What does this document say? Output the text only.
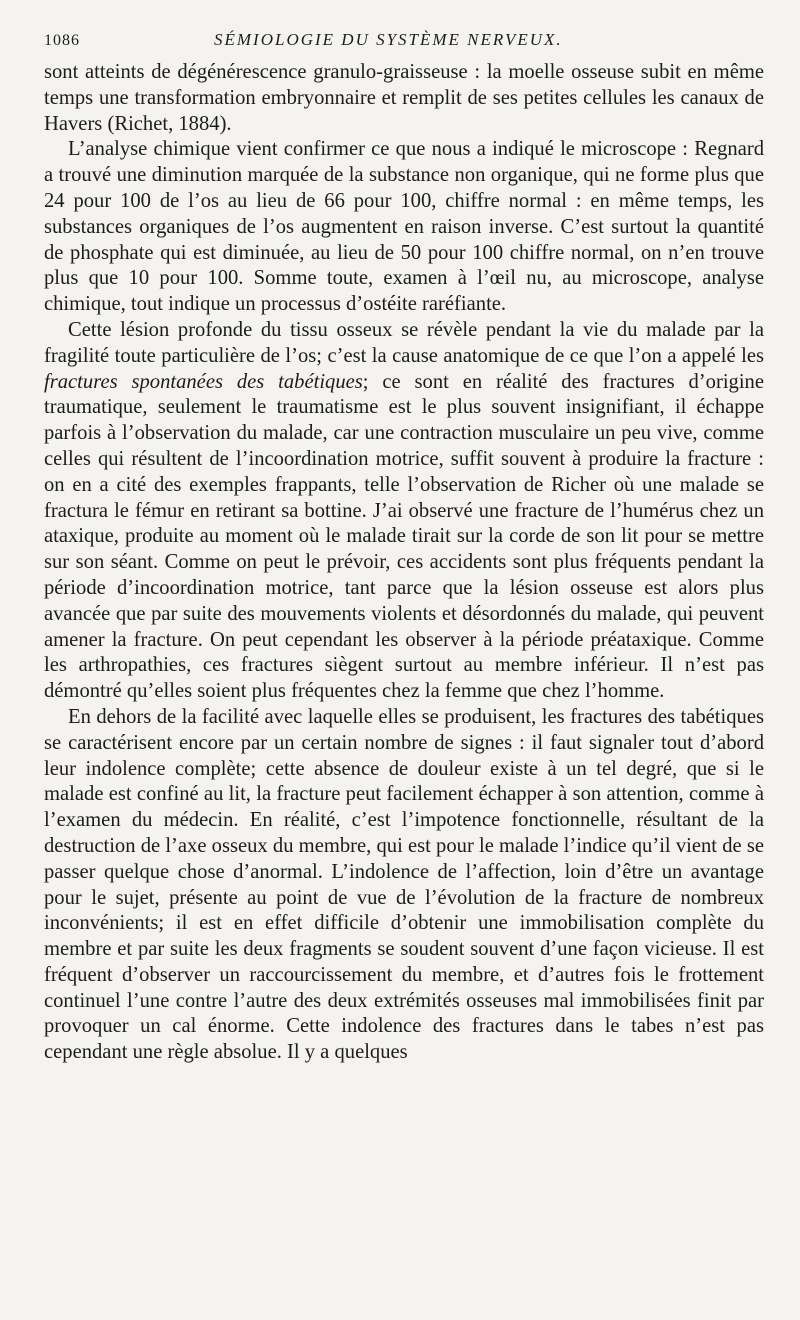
1086	SÉMIOLOGIE DU SYSTÈME NERVEUX.

sont atteints de dégénérescence granulo-graisseuse : la moelle osseuse subit en même temps une transformation embryonnaire et remplit de ses petites cellules les canaux de Havers (Richet, 1884).

L’analyse chimique vient confirmer ce que nous a indiqué le microscope : Regnard a trouvé une diminution marquée de la substance non organique, qui ne forme plus que 24 pour 100 de l’os au lieu de 66 pour 100, chiffre normal : en même temps, les substances organiques de l’os augmentent en raison inverse. C’est surtout la quantité de phosphate qui est diminuée, au lieu de 50 pour 100 chiffre normal, on n’en trouve plus que 10 pour 100. Somme toute, examen à l’œil nu, au microscope, analyse chimique, tout indique un processus d’ostéite raréfiante.

Cette lésion profonde du tissu osseux se révèle pendant la vie du malade par la fragilité toute particulière de l’os; c’est la cause anatomique de ce que l’on a appelé les fractures spontanées des tabétiques; ce sont en réalité des fractures d’origine traumatique, seulement le traumatisme est le plus souvent insignifiant, il échappe parfois à l’observation du malade, car une contraction musculaire un peu vive, comme celles qui résultent de l’incoordination motrice, suffit souvent à produire la fracture : on en a cité des exemples frappants, telle l’observation de Richer où une malade se fractura le fémur en retirant sa bottine. J’ai observé une fracture de l’humérus chez un ataxique, produite au moment où le malade tirait sur la corde de son lit pour se mettre sur son séant. Comme on peut le prévoir, ces accidents sont plus fréquents pendant la période d’incoordination motrice, tant parce que la lésion osseuse est alors plus avancée que par suite des mouvements violents et désordonnés du malade, qui peuvent amener la fracture. On peut cependant les observer à la période préataxique. Comme les arthropathies, ces fractures siègent surtout au membre inférieur. Il n’est pas démontré qu’elles soient plus fréquentes chez la femme que chez l’homme.

En dehors de la facilité avec laquelle elles se produisent, les fractures des tabétiques se caractérisent encore par un certain nombre de signes : il faut signaler tout d’abord leur indolence complète; cette absence de douleur existe à un tel degré, que si le malade est confiné au lit, la fracture peut facilement échapper à son attention, comme à l’examen du médecin. En réalité, c’est l’impotence fonctionnelle, résultant de la destruction de l’axe osseux du membre, qui est pour le malade l’indice qu’il vient de se passer quelque chose d’anormal. L’indolence de l’affection, loin d’être un avantage pour le sujet, présente au point de vue de l’évolution de la fracture de nombreux inconvénients; il est en effet difficile d’obtenir une immobilisation complète du membre et par suite les deux fragments se soudent souvent d’une façon vicieuse. Il est fréquent d’observer un raccourcissement du membre, et d’autres fois le frottement continuel l’une contre l’autre des deux extrémités osseuses mal immobilisées finit par provoquer un cal énorme. Cette indolence des fractures dans le tabes n’est pas cependant une règle absolue. Il y a quelques
